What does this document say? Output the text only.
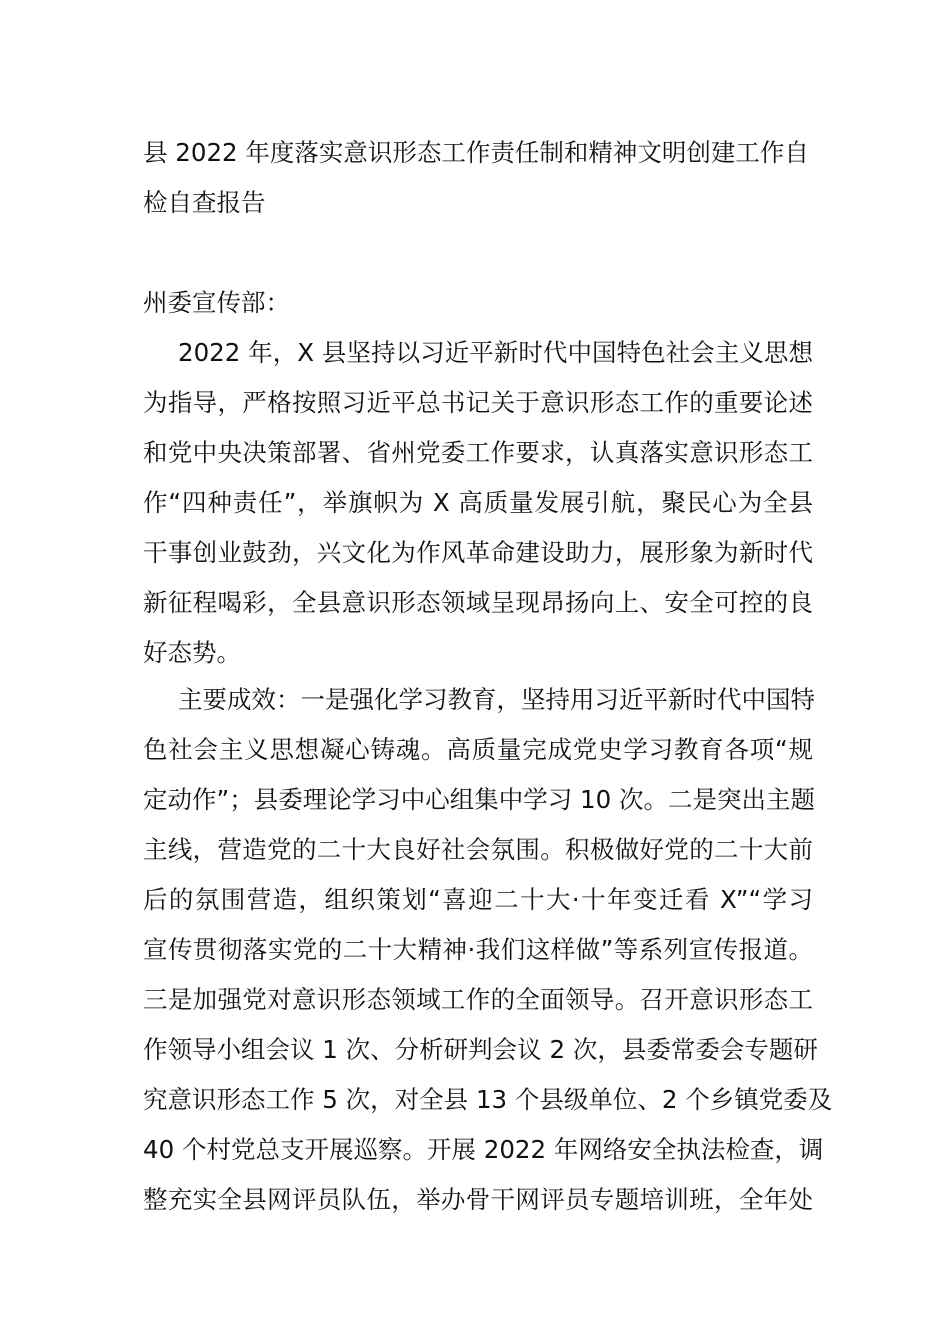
县 2022 年度落实意识形态工作责任制和精神文明创建工作自
检自查报告

州委宣传部：

2022 年，X 县坚持以习近平新时代中国特色社会主义思想
为指导，严格按照习近平总书记关于意识形态工作的重要论述
和党中央决策部署、省州党委工作要求，认真落实意识形态工
作“四种责任”，举旗帜为 X 高质量发展引航，聚民心为全县
干事创业鼓劲，兴文化为作风革命建设助力，展形象为新时代
新征程喝彩，全县意识形态领域呈现昂扬向上、安全可控的良
好态势。
主要成效：一是强化学习教育，坚持用习近平新时代中国特
色社会主义思想凝心铸魂。高质量完成党史学习教育各项“规
定动作”；县委理论学习中心组集中学习 10 次。二是突出主题
主线，营造党的二十大良好社会氛围。积极做好党的二十大前
后的氛围营造，组织策划“喜迎二十大·十年变迁看 X”“学习
宣传贯彻落实党的二十大精神·我们这样做”等系列宣传报道。
三是加强党对意识形态领域工作的全面领导。召开意识形态工
作领导小组会议 1 次、分析研判会议 2 次，县委常委会专题研
究意识形态工作 5 次，对全县 13 个县级单位、2 个乡镇党委及
40 个村党总支开展巡察。开展 2022 年网络安全执法检查，调
整充实全县网评员队伍，举办骨干网评员专题培训班，全年处
